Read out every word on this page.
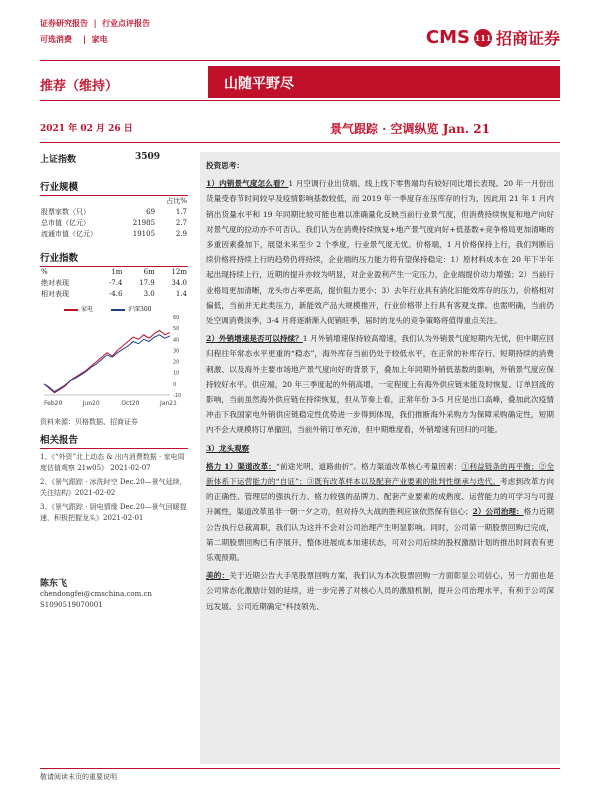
证券研究报告  |  行业点评报告
可选消费    |  家电	CMS 111 招商证券
推荐（维持）	山随平野尽
2021 年 02 月 26 日	景气跟踪 · 空调纵览 Jan. 21
上证指数	3509
行业规模
		占比%
股票家数（只）	69	1.7
总市值（亿元）	21985	2.7
流通市值（亿元）	19105	2.9
行业指数
%	1m	6m	12m
绝对表现	-7.4	17.9	34.0
相对表现	-4.6	3.0	1.4
家电	沪深300
-10
0
10
20
30
40
50
60
Feb20	Jun20	Oct20	Jan21
资料来源：贝格数据、招商证券
相关报告
1、《“外资”北上动态 & 出内消费数据 · 家电周度估值观察 21w05》 2021-02-07
2、《景气跟踪 · 冰洗时空 Dec.20—景气延续，关注结构》2021-02-02
3、《景气跟踪 · 厨电情缘 Dec.20—景气回暖提速，积极把握龙头》2021-02-01
陈东飞
chendongfei@cmschina.com.cn
S1090519070001
投资思考：
1）内销景气度怎么看？1 月空调行业出货端、线上线下零售端均有较好同比增长表现。20 年一月份出货量受春节时间较早及疫情影响基数较低，而 2019 年一季度存在压库存的行为，因此用 21 年 1 月内销出货量水平和 19 年同期比较可能也难以准确量化反映当前行业景气度，但消费持续恢复和地产向好对景气度的拉动亦不可否认。我们认为在消费持续恢复+地产景气度向好+低基数+竞争格局更加清晰的多重因素叠加下，展望未来至少 2 个季度，行业景气度无忧。价格端，1 月价格保持上行，我们判断后续价格将持续上行的趋势仍将持续，企业端的压力能力将有望保持稳定：1）原材料成本在 20 年下半年起出现持续上行，近期的提升亦较为明显，对企业盈利产生一定压力，企业端提价动力增强；2）当前行业格局更加清晰，龙头市占率更高，提价阻力更小；3）去年行业具有消化旧能效库存的压力，价格相对偏低，当前并无此类压力，新能效产品大规模推开，行业价格带上行具有客观支撑。也需明确，当前仍处空调消费淡季，3-4 月将逐渐渐入促销旺季，届时的龙头的竞争策略将值得重点关注。
2）外销增速是否可以持续？1 月外销增速保持较高增速，我们认为外销景气度短期内无忧，但中期应回归程往年常态水平更重的“稳态”，海外库存当前仍处于较低水平，在正常的补库存行、短期持续的消费刺激、以及海外主要市场地产景气度向好的背景下，叠加上年同期外销低基数的影响，外销景气度应保持较好水平。供应端，20 年三季度起的外销高增，一定程度上有海外供应链未能及时恢复、订单回流的影响，当前虽然海外供应链在持续恢复，但从节奏上看，正常年份 3-5 月应是出口高峰，叠加此次疫情冲击下我国家电外销供应链稳定性优势进一步得到体现，我们推断海外采购方为保障采购确定性，短期内不会大规模将订单撤回，当前外销订单充沛，但中期维度看，外销增速有回归的可能。
3）龙头观察
格力 1）渠道改革：“前途光明，道路曲折”。格力渠道改革核心考量因素：①利益链条的再平衡；②全新体系下运营能力的“自证”；③既有改革样本以及配套产业要素的批判性继承与迭代。考虑到改革方向的正确性、管理层的强执行力、格力较强的品牌力、配套产业要素的成熟度、运营能力的可学习与可提升属性，渠道改革虽非一朝一夕之功，但对持久大战的胜利应该依然保有信心；2）公司治理：格力近期公告执行总裁离职，我们认为这并不会对公司治理产生明显影响。同时，公司第一期股票回购已完成，第二期股票回购已有序展开，整体进展成本加速状态，可对公司后续的股权激励计划的推出时间表有更乐观预期。
美的：关于近期公告大手笔股票回购方案，我们认为本次股票回购一方面彰显公司信心，另一方面也是公司常态化激励计划的延续，进一步完善了对核心人员的激励机制，提升公司治理水平，有利于公司深远发展。公司近期确定“科技领先、
敬请阅读末页的重要说明
